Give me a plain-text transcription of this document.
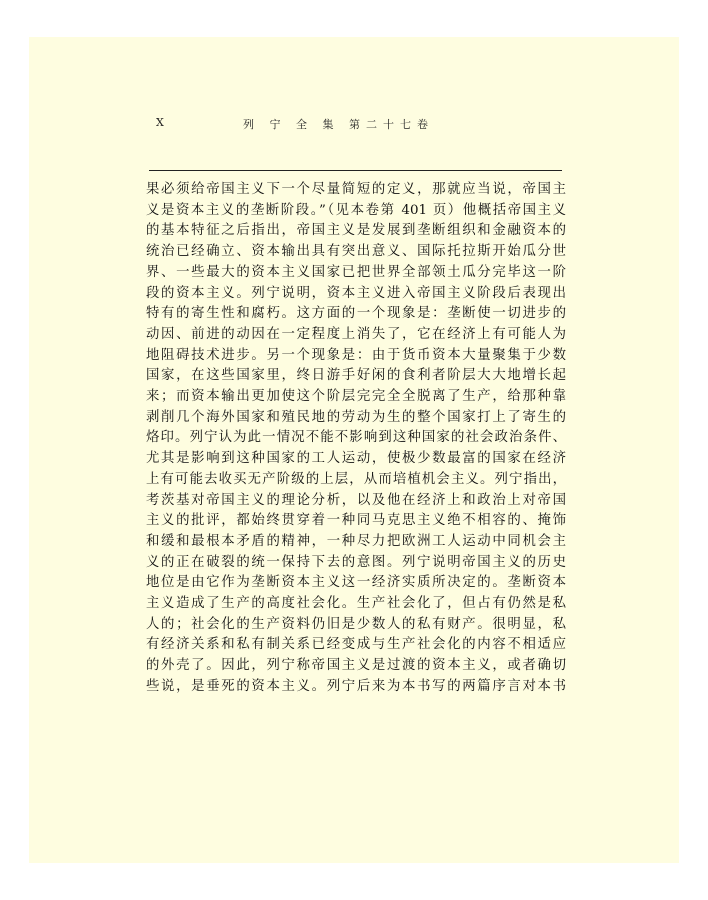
X	列 宁 全 集 第二十七卷

果必须给帝国主义下一个尽量简短的定义，那就应当说，帝国主

义是资本主义的垄断阶段。”（见本卷第 401 页）他概括帝国主义

的基本特征之后指出，帝国主义是发展到垄断组织和金融资本的

统治已经确立、资本输出具有突出意义、国际托拉斯开始瓜分世

界、一些最大的资本主义国家已把世界全部领土瓜分完毕这一阶

段的资本主义。列宁说明，资本主义进入帝国主义阶段后表现出

特有的寄生性和腐朽。这方面的一个现象是：垄断使一切进步的

动因、前进的动因在一定程度上消失了，它在经济上有可能人为

地阻碍技术进步。另一个现象是：由于货币资本大量聚集于少数

国家，在这些国家里，终日游手好闲的食利者阶层大大地增长起

来；而资本输出更加使这个阶层完完全全脱离了生产，给那种靠

剥削几个海外国家和殖民地的劳动为生的整个国家打上了寄生的

烙印。列宁认为此一情况不能不影响到这种国家的社会政治条件、

尤其是影响到这种国家的工人运动，使极少数最富的国家在经济

上有可能去收买无产阶级的上层，从而培植机会主义。列宁指出，

考茨基对帝国主义的理论分析，以及他在经济上和政治上对帝国

主义的批评，都始终贯穿着一种同马克思主义绝不相容的、掩饰

和缓和最根本矛盾的精神，一种尽力把欧洲工人运动中同机会主

义的正在破裂的统一保持下去的意图。列宁说明帝国主义的历史

地位是由它作为垄断资本主义这一经济实质所决定的。垄断资本

主义造成了生产的高度社会化。生产社会化了，但占有仍然是私

人的；社会化的生产资料仍旧是少数人的私有财产。很明显，私

有经济关系和私有制关系已经变成与生产社会化的内容不相适应

的外壳了。因此，列宁称帝国主义是过渡的资本主义，或者确切

些说，是垂死的资本主义。列宁后来为本书写的两篇序言对本书
